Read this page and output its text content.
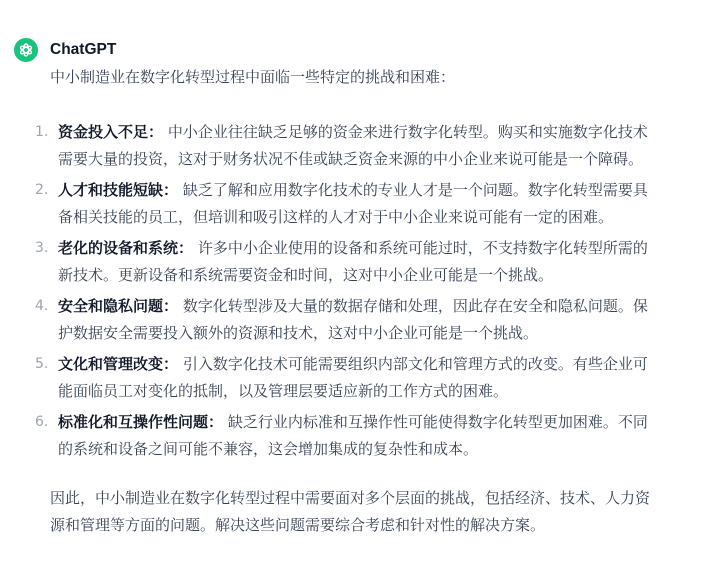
ChatGPT

中小制造业在数字化转型过程中面临一些特定的挑战和困难：

1. 资金投入不足： 中小企业往往缺乏足够的资金来进行数字化转型。购买和实施数字化技术需要大量的投资，这对于财务状况不佳或缺乏资金来源的中小企业来说可能是一个障碍。
2. 人才和技能短缺： 缺乏了解和应用数字化技术的专业人才是一个问题。数字化转型需要具备相关技能的员工，但培训和吸引这样的人才对于中小企业来说可能有一定的困难。
3. 老化的设备和系统： 许多中小企业使用的设备和系统可能过时，不支持数字化转型所需的新技术。更新设备和系统需要资金和时间，这对中小企业可能是一个挑战。
4. 安全和隐私问题： 数字化转型涉及大量的数据存储和处理，因此存在安全和隐私问题。保护数据安全需要投入额外的资源和技术，这对中小企业可能是一个挑战。
5. 文化和管理改变： 引入数字化技术可能需要组织内部文化和管理方式的改变。有些企业可能面临员工对变化的抵制，以及管理层要适应新的工作方式的困难。
6. 标准化和互操作性问题： 缺乏行业内标准和互操作性可能使得数字化转型更加困难。不同的系统和设备之间可能不兼容，这会增加集成的复杂性和成本。

因此，中小制造业在数字化转型过程中需要面对多个层面的挑战，包括经济、技术、人力资源和管理等方面的问题。解决这些问题需要综合考虑和针对性的解决方案。
